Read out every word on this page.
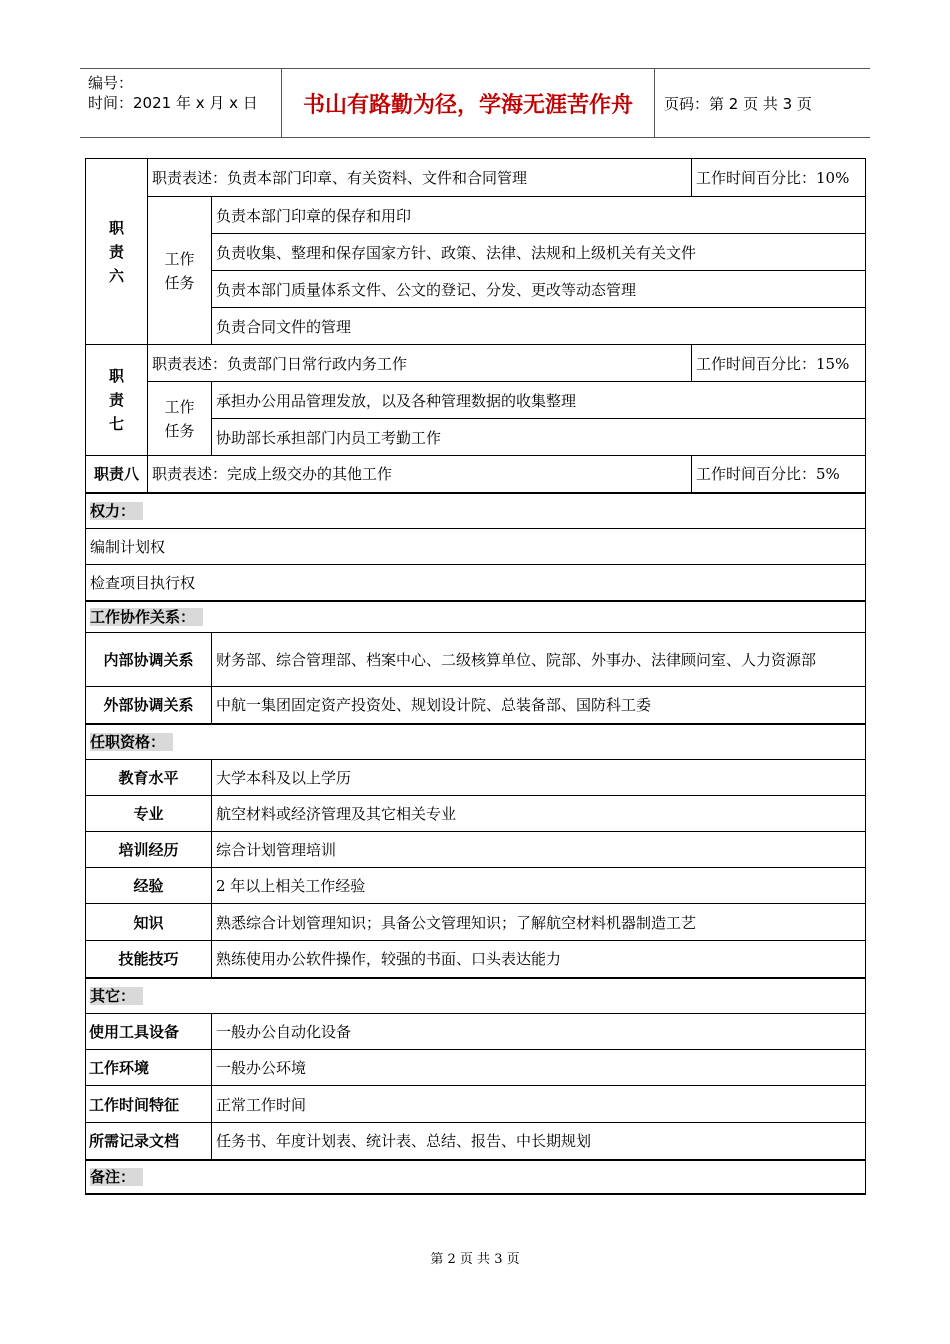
编号：
时间：2021 年 x 月 x 日	书山有路勤为径，学海无涯苦作舟	页码：第 2 页 共 3 页
职
责
六	职责表述：负责本部门印章、有关资料、文件和合同管理		工作时间百分比：10%
	工作
任务	负责本部门印章的保存和用印	
		负责收集、整理和保存国家方针、政策、法律、法规和上级机关有关文件	
		负责本部门质量体系文件、公文的登记、分发、更改等动态管理	
		负责合同文件的管理	
职
责
七	职责表述：负责部门日常行政内务工作		工作时间百分比：15%
	工作
任务	承担办公用品管理发放，以及各种管理数据的收集整理	
		协助部长承担部门内员工考勤工作	
职责八	职责表述：完成上级交办的其他工作		工作时间百分比：5%
权力：			
编制计划权			
检查项目执行权			
工作协作关系：			
内部协调关系		财务部、综合管理部、档案中心、二级核算单位、院部、外事办、法律顾问室、人力资源部	
外部协调关系		中航一集团固定资产投资处、规划设计院、总装备部、国防科工委	
任职资格：			
教育水平		大学本科及以上学历	
专业		航空材料或经济管理及其它相关专业	
培训经历		综合计划管理培训	
经验		2 年以上相关工作经验	
知识		熟悉综合计划管理知识；具备公文管理知识；了解航空材料机器制造工艺	
技能技巧		熟练使用办公软件操作，较强的书面、口头表达能力	
其它：			
使用工具设备		一般办公自动化设备	
工作环境		一般办公环境	
工作时间特征		正常工作时间	
所需记录文档		任务书、年度计划表、统计表、总结、报告、中长期规划	
备注：			
第 2 页 共 3 页
